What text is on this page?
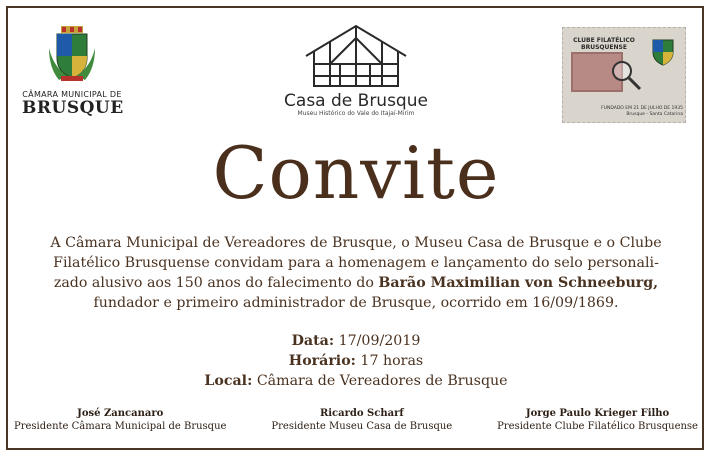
CÂMARA MUNICIPAL DE
BRUSQUE	Casa de Brusque
Museu Histórico do Vale do Itajaí-Mirim
CLUBE FILATÉLICO
BRUSQUENSE
FUNDADO EM 21 DE JULHO DE 1935
Brusque - Santa Catarina
Convite

A Câmara Municipal de Vereadores de Brusque, o Museu Casa de Brusque e o Clube

Filatélico Brusquense convidam para a homenagem e lançamento do selo personali-

zado alusivo aos 150 anos do falecimento do Barão Maximilian von Schneeburg,

fundador e primeiro administrador de Brusque, ocorrido em 16/09/1869.

Data: 17/09/2019
Horário: 17 horas
Local: Câmara de Vereadores de Brusque
José Zancanaro
Presidente Câmara Municipal de Brusque
Ricardo Scharf
Presidente Museu Casa de Brusque
Jorge Paulo Krieger Filho
Presidente Clube Filatélico Brusquense
